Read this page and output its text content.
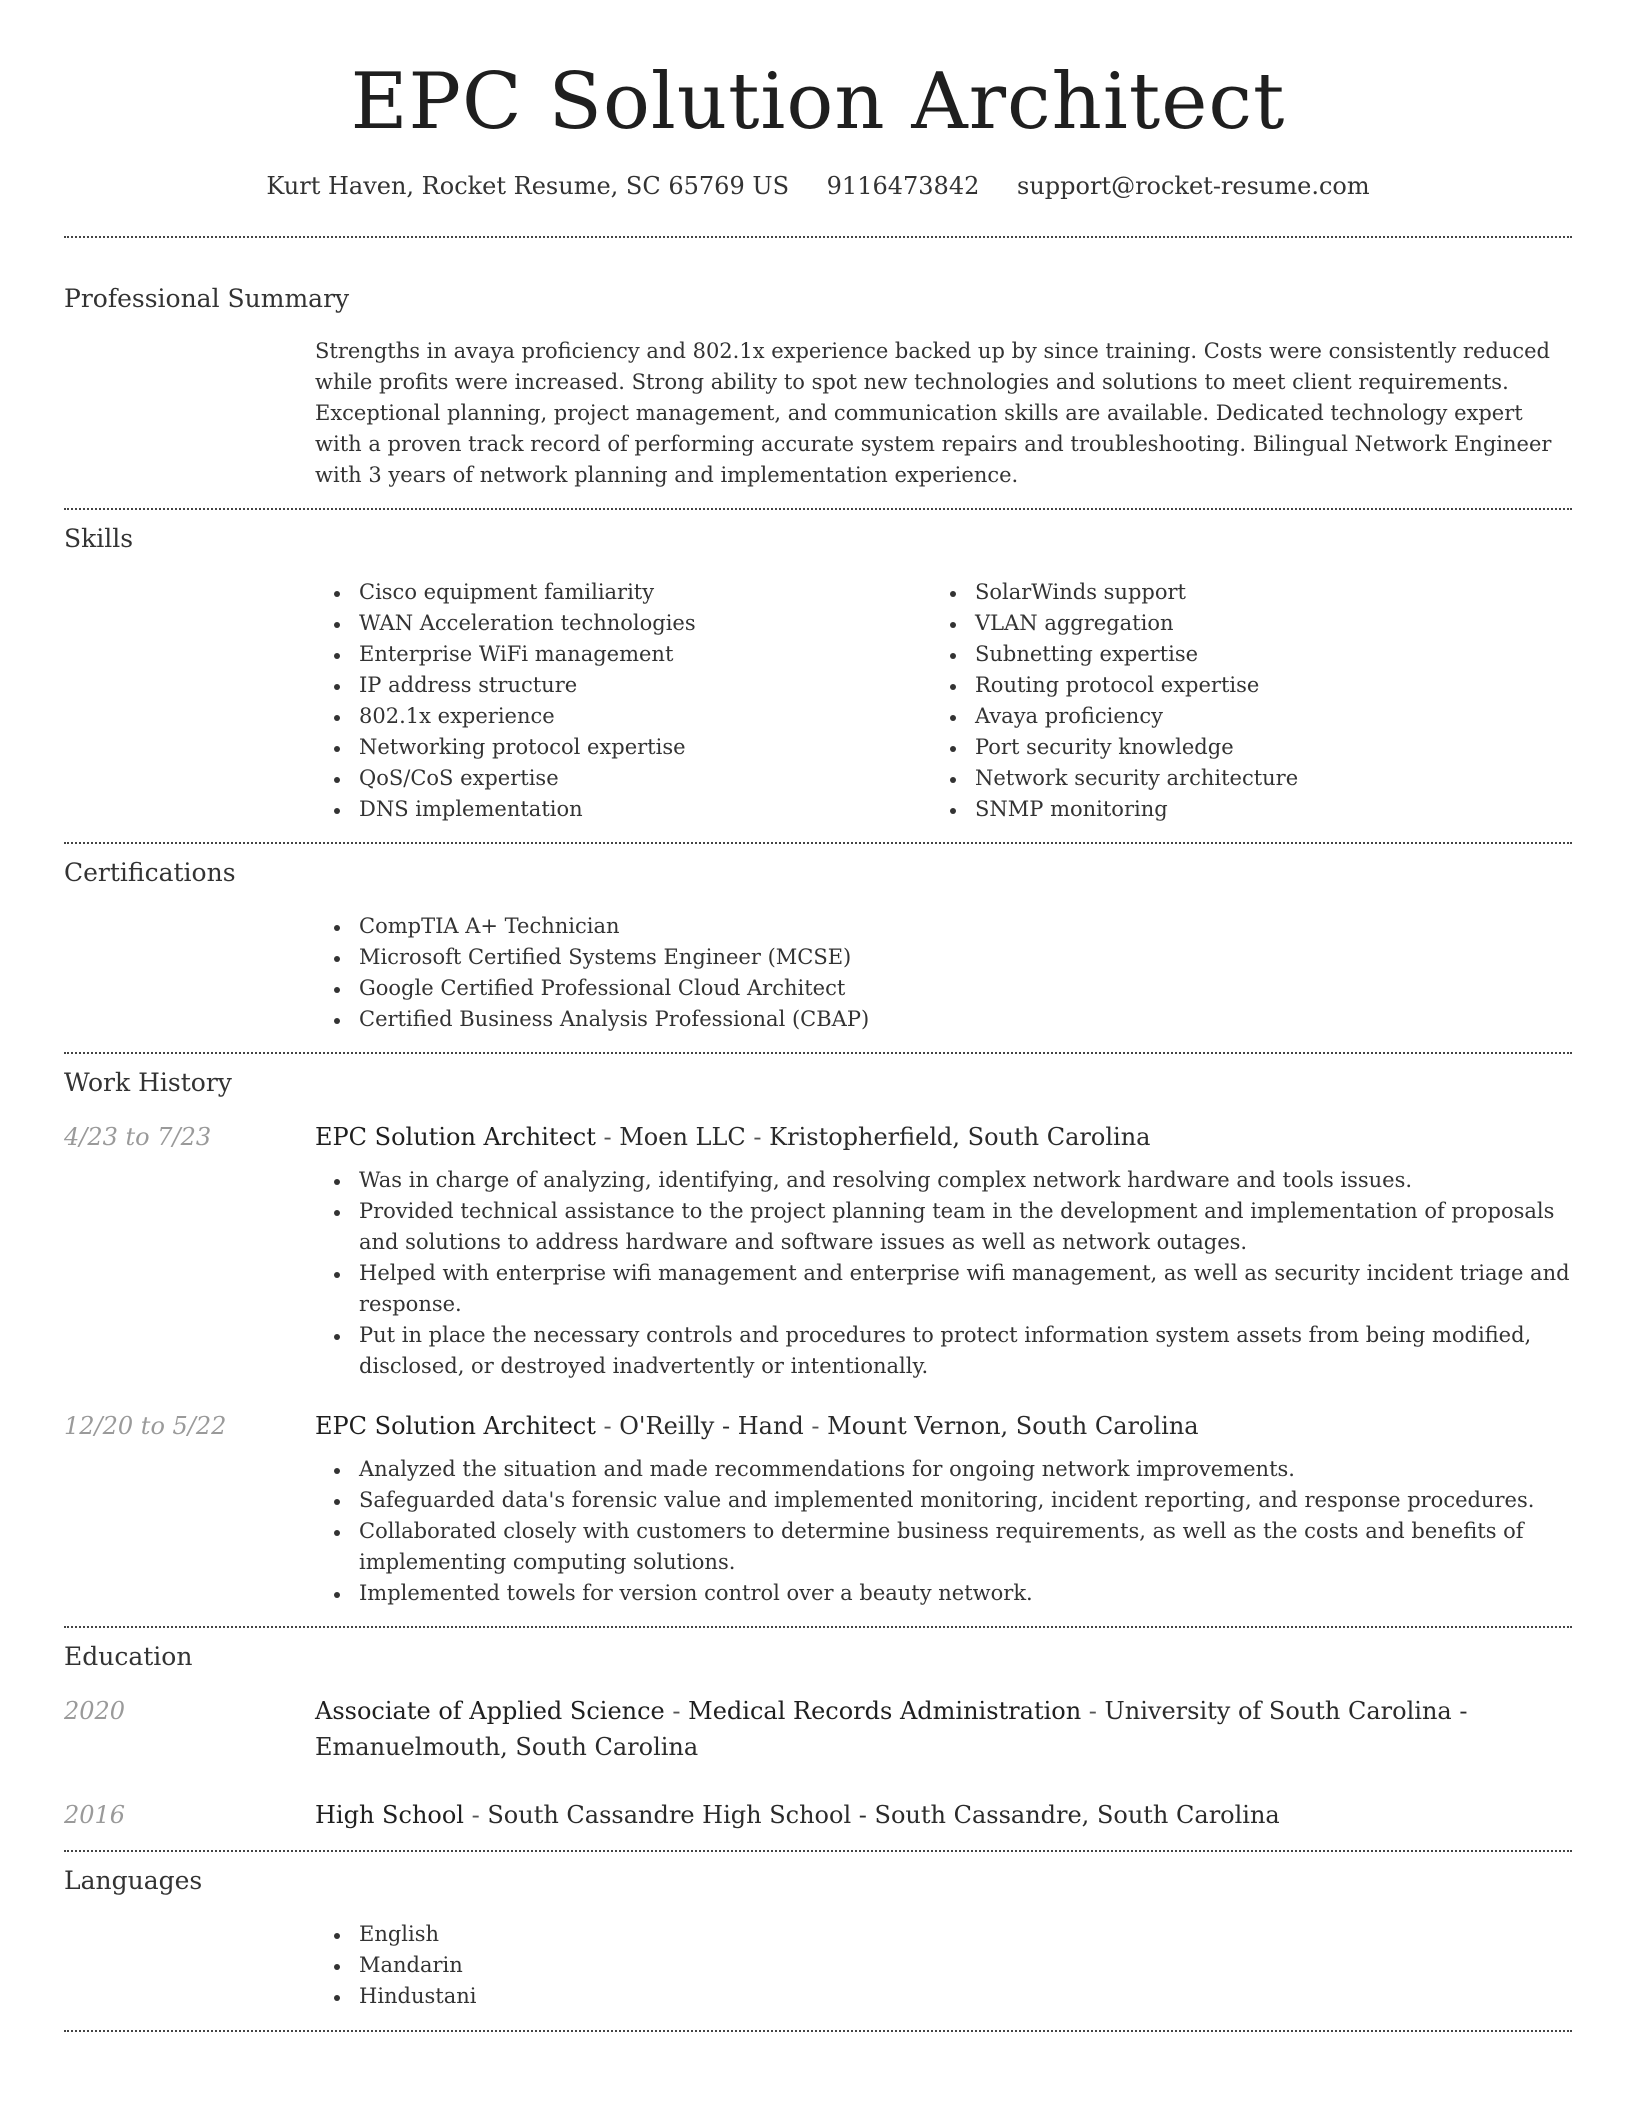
EPC Solution Architect
Kurt Haven, Rocket Resume, SC 65769 US 9116473842 support@rocket-resume.com
Professional Summary

Strengths in avaya proficiency and 802.1x experience backed up by since training. Costs were consistently reduced while profits were increased. Strong ability to spot new technologies and solutions to meet client requirements. Exceptional planning, project management, and communication skills are available. Dedicated technology expert with a proven track record of performing accurate system repairs and troubleshooting. Bilingual Network Engineer with 3 years of network planning and implementation experience.

Skills
Cisco equipment familiarity
WAN Acceleration technologies
Enterprise WiFi management
IP address structure
802.1x experience
Networking protocol expertise
QoS/CoS expertise
DNS implementation
SolarWinds support
VLAN aggregation
Subnetting expertise
Routing protocol expertise
Avaya proficiency
Port security knowledge
Network security architecture
SNMP monitoring
Certifications
CompTIA A+ Technician
Microsoft Certified Systems Engineer (MCSE)
Google Certified Professional Cloud Architect
Certified Business Analysis Professional (CBAP)
Work History
4/23 to 7/23	EPC Solution Architect - Moen LLC - Kristopherfield, South Carolina
Was in charge of analyzing, identifying, and resolving complex network hardware and tools issues.
Provided technical assistance to the project planning team in the development and implementation of proposals and solutions to address hardware and software issues as well as network outages.
Helped with enterprise wifi management and enterprise wifi management, as well as security incident triage and response.
Put in place the necessary controls and procedures to protect information system assets from being modified, disclosed, or destroyed inadvertently or intentionally.
12/20 to 5/22	EPC Solution Architect - O'Reilly - Hand - Mount Vernon, South Carolina
Analyzed the situation and made recommendations for ongoing network improvements.
Safeguarded data's forensic value and implemented monitoring, incident reporting, and response procedures.
Collaborated closely with customers to determine business requirements, as well as the costs and benefits of implementing computing solutions.
Implemented towels for version control over a beauty network.
Education
2020	Associate of Applied Science - Medical Records Administration - University of South Carolina - Emanuelmouth, South Carolina
2016	High School - South Cassandre High School - South Cassandre, South Carolina
Languages
English
Mandarin
Hindustani
